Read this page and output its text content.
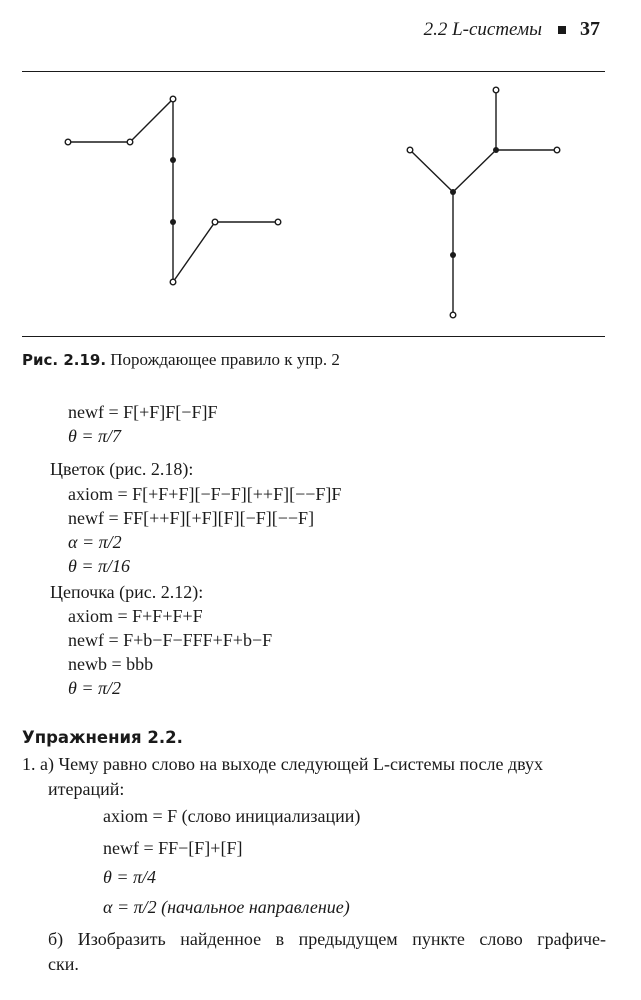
2.2 L-системы 37
Рис. 2.19. Порождающее правило к упр. 2
newf = F[+F]F[−F]F
θ = π/7
Цветок (рис. 2.18):
axiom = F[+F+F][−F−F][++F][−−F]F
newf = FF[++F][+F][F][−F][−−F]
α = π/2
θ = π/16
Цепочка (рис. 2.12):
axiom = F+F+F+F
newf = F+b−F−FFF+F+b−F
newb = bbb
θ = π/2
Упражнения 2.2.
1. а) Чему равно слово на выходе следующей L-системы после двух
итераций:
axiom = F (слово инициализации)
newf = FF−[F]+[F]
θ = π/4
α = π/2 (начальное направление)
б) Изобразить найденное в предыдущем пункте слово графиче-
ски.
